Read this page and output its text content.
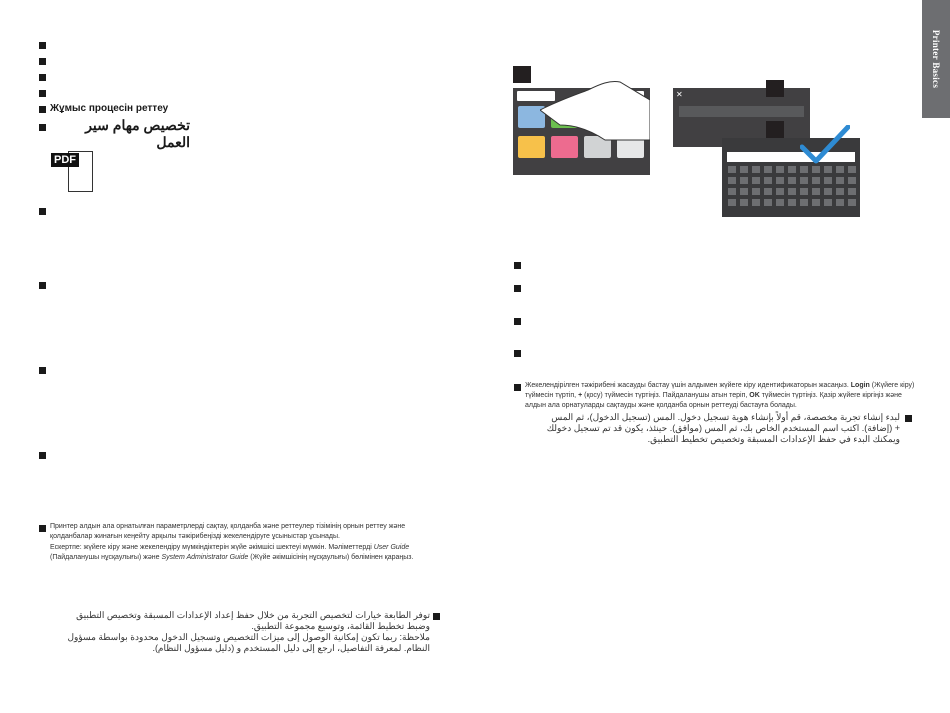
Printer Basics
Жұмыс процесін реттеу
تخصيص مهام سير العمل
PDF
Принтер алдын ала орнатылған параметрлерді сақтау, қолданба және реттеулер тізімінің орнын реттеу және қолданбалар жинағын кеңейту арқылы тәжірибеңізді жекелендіруге ұсыныстар ұсынады.
Ескертпе: жүйеге кіру және жекелендіру мүмкіндіктерін жүйе әкімшісі шектеуі мүмкін. Мәліметтерді User Guide (Пайдаланушы нұсқаулығы) және System Administrator Guide (Жүйе әкімшісінің нұсқаулығы) бөлімінен қараңыз.
توفر الطابعة خيارات لتخصيص التجربة من خلال حفظ إعداد الإعدادات المسبقة وتخصيص التطبيق
وضبط تخطيط القائمة، وتوسيع مجموعة التطبيق.
ملاحظة: ربما تكون إمكانية الوصول إلى ميزات التخصيص وتسجيل الدخول محدودة بواسطة مسؤول
النظام. لمعرفة التفاصيل، ارجع إلى دليل المستخدم و (دليل مسؤول النظام).
✕
Жекелендірілген тәжірибені жасауды бастау үшін алдымен жүйеге кіру идентификаторын жасаңыз. Login (Жүйеге кіру) түймесін түртіп, + (қосу) түймесін түртіңіз. Пайдаланушы атын теріп, OK түймесін түртіңіз. Қазір жүйеге кіргіңіз және алдын ала орнатуларды сақтауды және қолданба орнын реттеуді бастауға болады.
لبدء إنشاء تجربة مخصصة، قم أولاً بإنشاء هوية تسجيل دخول. المس (تسجيل الدخول)، ثم المس
+ (إضافة). اكتب اسم المستخدم الخاص بك، ثم المس (موافق). حينئذ، يكون قد تم تسجيل دخولك
ويمكنك البدء في حفظ الإعدادات المسبقة وتخصيص تخطيط التطبيق.
